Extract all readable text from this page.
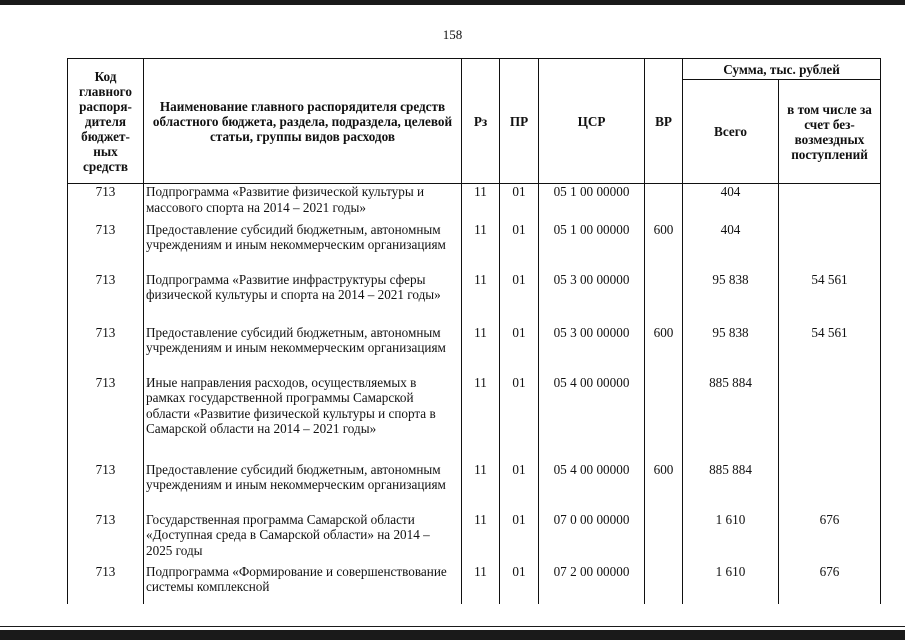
158
Код главного распоря-дителя бюджет-ных средств	Наименование главного распорядителя средств областного бюджета, раздела, подраздела, целевой статьи, группы видов расходов	Рз	ПР	ЦСР	ВР	Сумма, тыс. рублей	
						Всего	в том числе за счет без-возмездных поступлений
713	Подпрограмма «Развитие физической культуры и массового спорта на 2014 – 2021 годы»	11	01	05 1 00 00000		404	
713	Предоставление субсидий бюджетным, автономным учреждениям и иным некоммерческим организациям	11	01	05 1 00 00000	600	404	
713	Подпрограмма «Развитие инфраструктуры сферы физической культуры и спорта на 2014 – 2021 годы»	11	01	05 3 00 00000		95 838	54 561
713	Предоставление субсидий бюджетным, автономным учреждениям и иным некоммерческим организациям	11	01	05 3 00 00000	600	95 838	54 561
713	Иные направления расходов, осуществляемых в рамках государственной программы Самарской области «Развитие физической культуры и спорта в Самарской области на 2014 – 2021 годы»	11	01	05 4 00 00000		885 884	
713	Предоставление субсидий бюджетным, автономным учреждениям и иным некоммерческим организациям	11	01	05 4 00 00000	600	885 884	
713	Государственная программа Самарской области «Доступная среда в Самарской области» на 2014 – 2025 годы	11	01	07 0 00 00000		1 610	676
713	Подпрограмма «Формирование и совершенствование системы комплексной	11	01	07 2 00 00000		1 610	676
